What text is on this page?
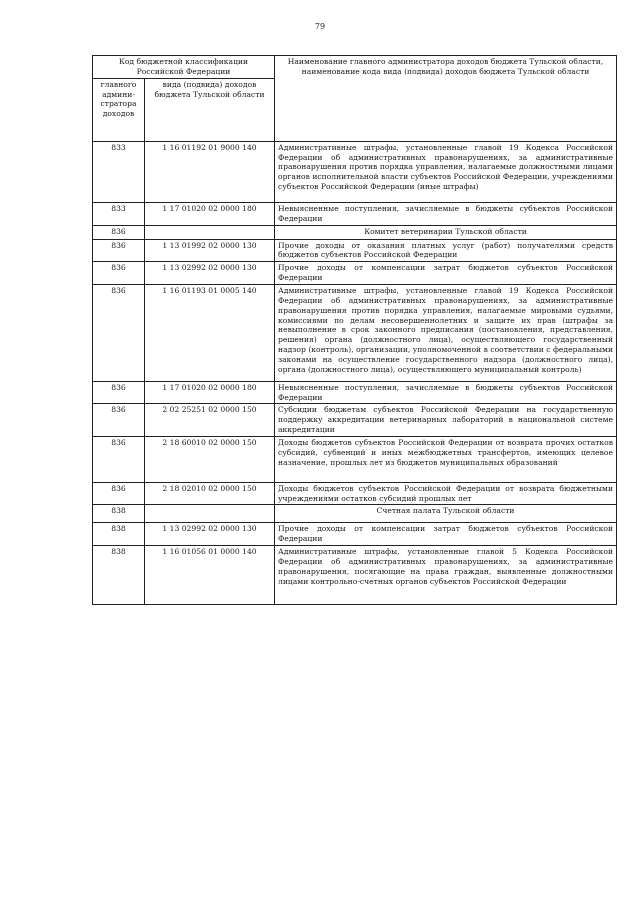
79
Код бюджетной классификации Российской Федерации		Наименование главного администратора доходов бюджета Тульской области, наименование кода вида (подвида) доходов бюджета Тульской области
главного админи-стратора доходов	вида (подвида) доходов бюджета Тульской области	
833	1 16 01192 01 9000 140	Административные штрафы, установленные главой 19 Кодекса Российской Федерации об административных правонарушениях, за административные правонарушения против порядка управления, налагаемые должностными лицами органов исполнительной власти субъектов Российской Федерации, учреждениями субъектов Российской Федерации (иные штрафы)
833	1 17 01020 02 0000 180	Невыясненные поступления, зачисляемые в бюджеты субъектов Российской Федерации
836		Комитет ветеринарии Тульской области
836	1 13 01992 02 0000 130	Прочие доходы от оказания платных услуг (работ) получателями средств бюджетов субъектов Российской Федерации
836	1 13 02992 02 0000 130	Прочие доходы от компенсации затрат бюджетов субъектов Российской Федерации
836	1 16 01193 01 0005 140	Административные штрафы, установленные главой 19 Кодекса Российской Федерации об административных правонарушениях, за административные правонарушения против порядка управления, налагаемые мировыми судьями, комиссиями по делам несовершеннолетних и защите их прав (штрафы за невыполнение в срок законного предписания (постановления, представления, решения) органа (должностного лица), осуществляющего государственный надзор (контроль), организации, уполномоченной в соответствии с федеральными законами на осуществление государственного надзора (должностного лица), органа (должностного лица), осуществляющего муниципальный контроль)
836	1 17 01020 02 0000 180	Невыясненные поступления, зачисляемые в бюджеты субъектов Российской Федерации
836	2 02 25251 02 0000 150	Субсидии бюджетам субъектов Российской Федерации на государственную поддержку аккредитации ветеринарных лабораторий в национальной системе аккредитации
836	2 18 60010 02 0000 150	Доходы бюджетов субъектов Российской Федерации от возврата прочих остатков субсидий, субвенций и иных межбюджетных трансфертов, имеющих целевое назначение, прошлых лет из бюджетов муниципальных образований
836	2 18 02010 02 0000 150	Доходы бюджетов субъектов Российской Федерации от возврата бюджетными учреждениями остатков субсидий прошлых лет
838		Счетная палата Тульской области
838	1 13 02992 02 0000 130	Прочие доходы от компенсации затрат бюджетов субъектов Российской Федерации
838	1 16 01056 01 0000 140	Административные штрафы, установленные главой 5 Кодекса Российской Федерации об административных правонарушениях, за административные правонарушения, посягающие на права граждан, выявленные должностными лицами контрольно-счетных органов субъектов Российской Федерации
